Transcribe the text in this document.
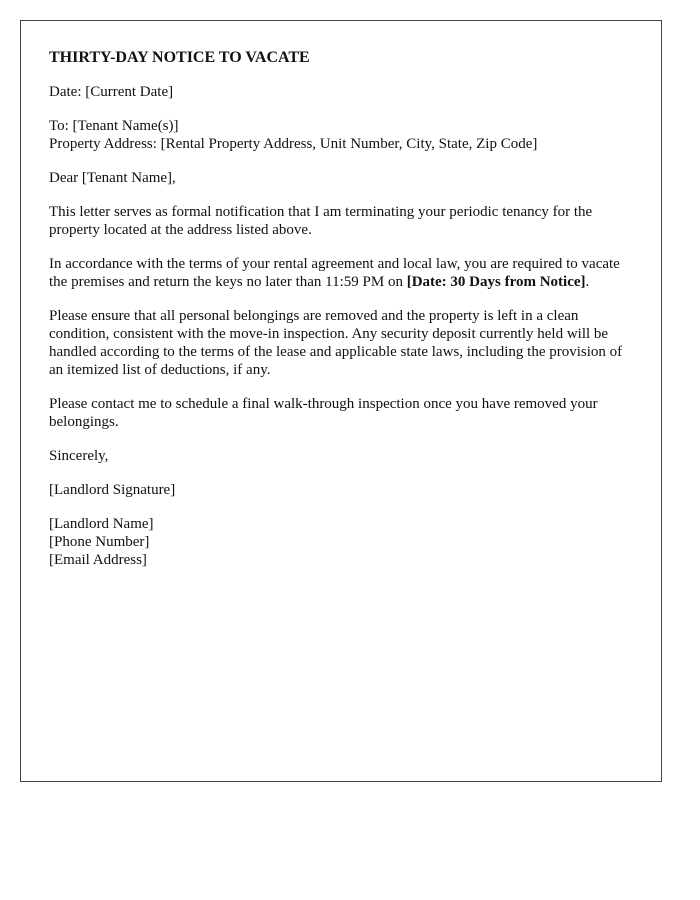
THIRTY-DAY NOTICE TO VACATE

Date: [Current Date]

To: [Tenant Name(s)]
Property Address: [Rental Property Address, Unit Number, City, State, Zip Code]

Dear [Tenant Name],

This letter serves as formal notification that I am terminating your periodic tenancy for the property located at the address listed above.

In accordance with the terms of your rental agreement and local law, you are required to vacate the premises and return the keys no later than 11:59 PM on [Date: 30 Days from Notice].

Please ensure that all personal belongings are removed and the property is left in a clean condition, consistent with the move-in inspection. Any security deposit currently held will be handled according to the terms of the lease and applicable state laws, including the provision of an itemized list of deductions, if any.

Please contact me to schedule a final walk-through inspection once you have removed your belongings.

Sincerely,

[Landlord Signature]

[Landlord Name]
[Phone Number]
[Email Address]
